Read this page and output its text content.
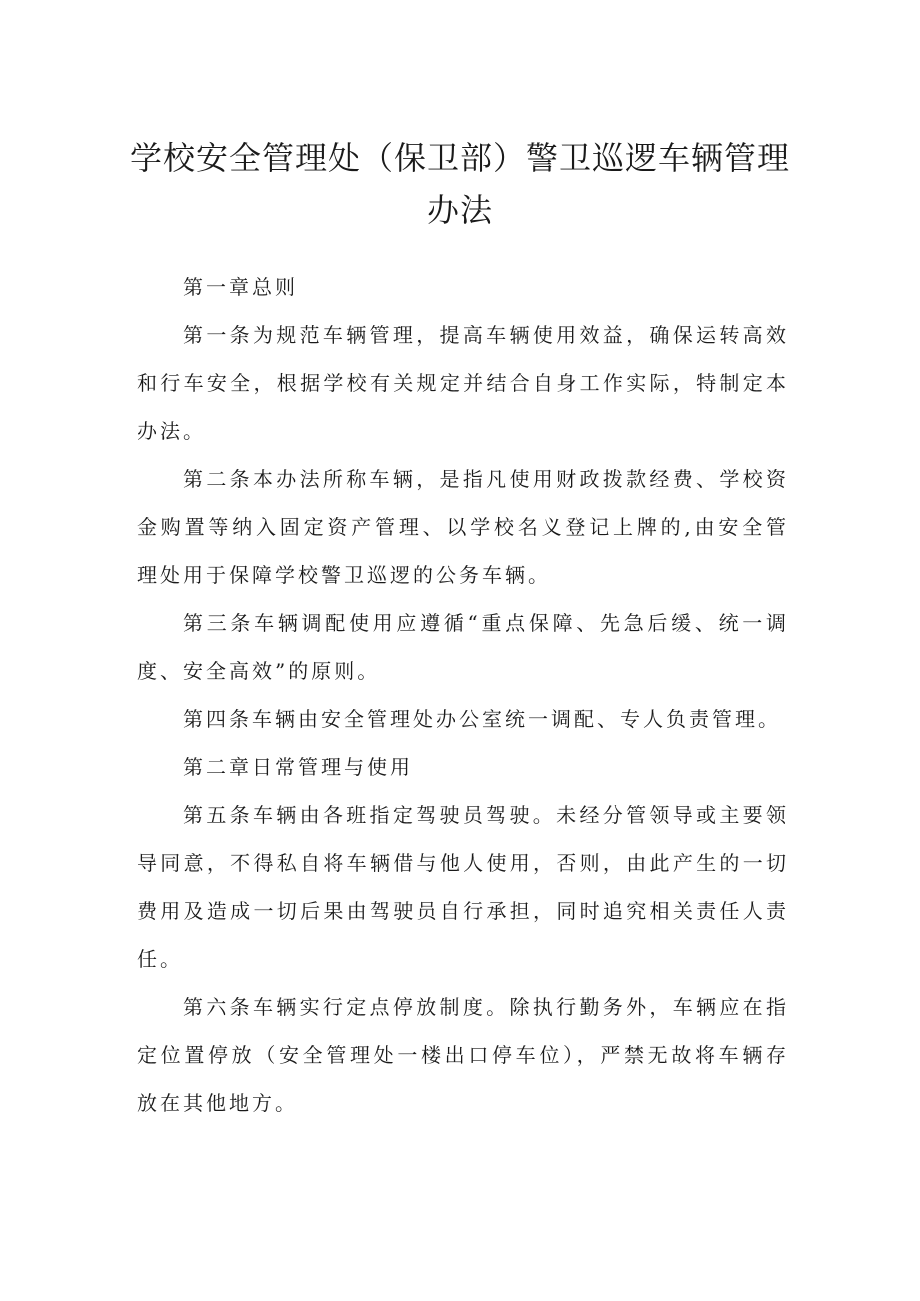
学校安全管理处（保卫部）警卫巡逻车辆管理
办法

第一章总则

第一条为规范车辆管理，提高车辆使用效益，确保运转高效和行车安全，根据学校有关规定并结合自身工作实际，特制定本办法。

第二条本办法所称车辆，是指凡使用财政拨款经费、学校资金购置等纳入固定资产管理、以学校名义登记上牌的,由安全管理处用于保障学校警卫巡逻的公务车辆。

第三条车辆调配使用应遵循“重点保障、先急后缓、统一调度、安全高效”的原则。

第四条车辆由安全管理处办公室统一调配、专人负责管理。

第二章日常管理与使用

第五条车辆由各班指定驾驶员驾驶。未经分管领导或主要领导同意，不得私自将车辆借与他人使用，否则，由此产生的一切费用及造成一切后果由驾驶员自行承担，同时追究相关责任人责任。

第六条车辆实行定点停放制度。除执行勤务外，车辆应在指定位置停放（安全管理处一楼出口停车位），严禁无故将车辆存放在其他地方。
